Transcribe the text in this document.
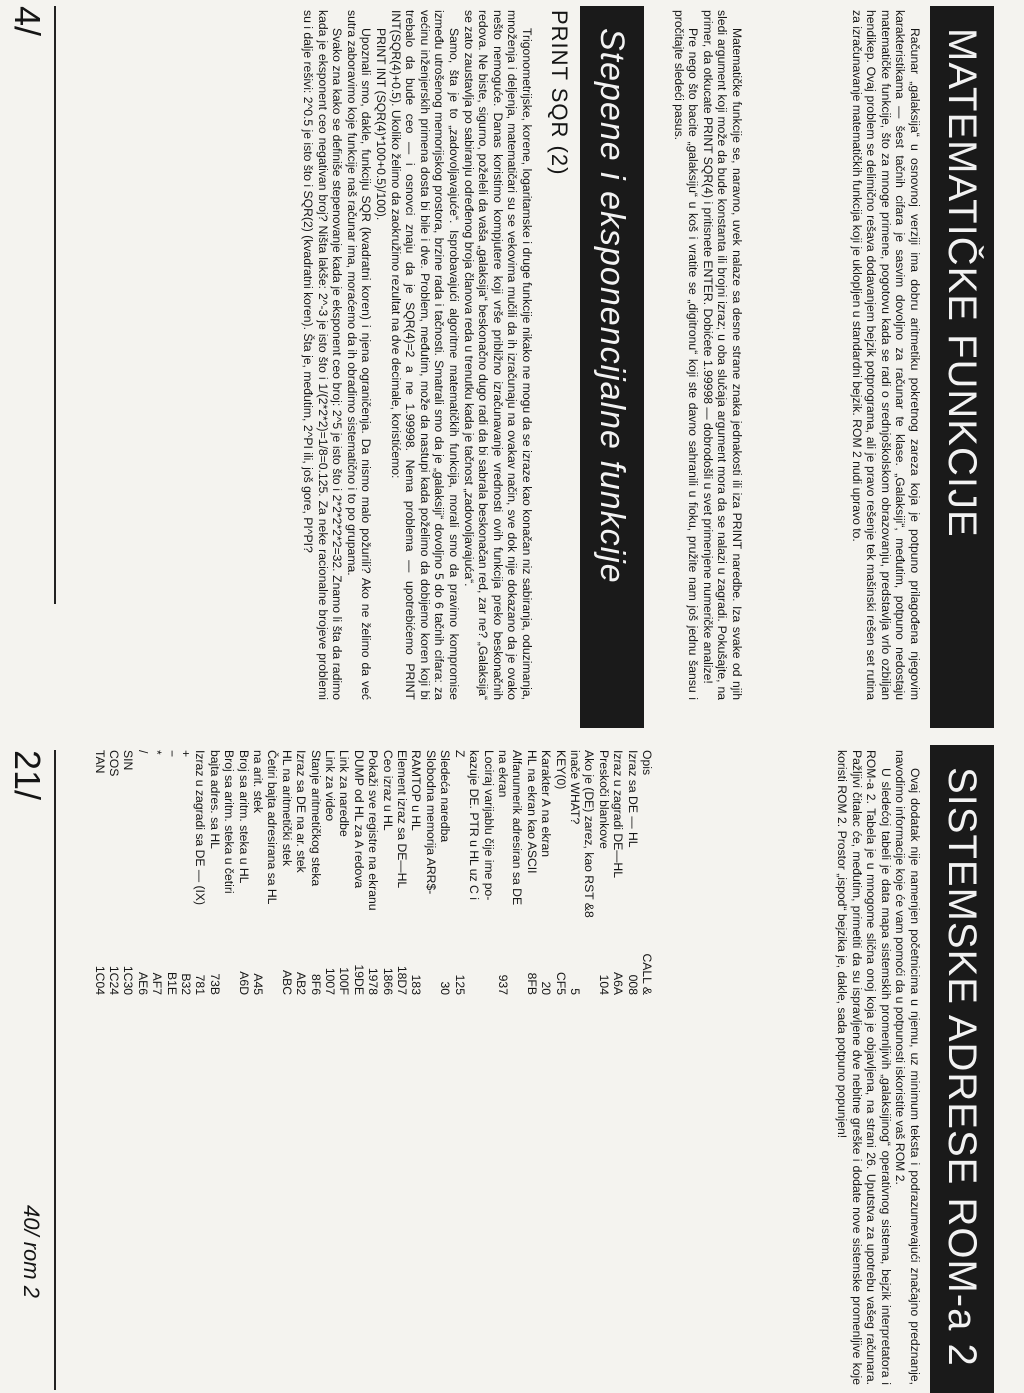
MATEMATIČKE FUNKCIJE

Računar „galaksija“ u osnovnoj verziji ima dobru aritmetiku pokretnog zareza koja je potpuno prilagođena njegovim karakteristikama — šest tačnih cifara je sasvim dovoljno za računar te klase. „Galaksiji“, međutim, potpuno nedostaju matematičke funkcije, što za mnoge primene, pogotovu kada se radi o srednjoškolskom obrazovanju, predstavlja vrlo ozbiljan hendikep. Ovaj problem se delimično rešava dodavanjem bejzik potprograma, ali je pravo rešenje tek mašinski rešen set rutina za izračunavanje matematičkih funkcija koji je uklopljen u standardni bejzik. ROM 2 nudi upravo to.

Matematičke funkcije se, naravno, uvek nalaze sa desne strane znaka jednakosti ili iza PRINT naredbe. Iza svake od njih sledi argument koji može da bude konstanta ili brojni izraz; u oba slučaja argument mora da se nalazi u zagradi. Pokušajte, na primer, da otkucate PRINT SQR(4) i pritisnete ENTER. Dobićete 1.99998 — dobrodošli u svet primenjene numeričke analize!

Pre nego što bacite „galaksiju“ u koš i vratite se „digitronu“ koji ste davno sahranili u fioku, pružite nam još jednu šansu i pročitajte sledeći pasus.

Stepene i eksponencijalne funkcije
PRINT SQR (2)

Trigonometrijske, korene, logaritamske i druge funkcije nikako ne mogu da se izraze kao konačan niz sabiranja, oduzimanja, množenja i deljenja, matematičari su se vekovima mučili da ih izračunaju na ovakav način, sve dok nije dokazano da je ovako nešto nemoguće. Danas koristimo kompjutere koji vrše približno izračunavanje vrednosti ovih funkcija preko beskonačnih redova. Ne biste, sigurno, poželeli da vaša „galaksija“ beskonačno dugo radi da bi sabrala beskonačan red, zar ne? „Galaksija“ se zato zaustavlja po sabiranju određenog broja članova reda u trenutku kada je tačnost „zadovoljavajuća“.

Samo, šta je to „zadovoljavajuće“. Isprobavajući algoritme matematičkih funkcija, morali smo da pravimo kompromise između utrošenog memorijskog prostora, brzine rada i tačnosti. Smatrali smo da je „galaksiji“ dovoljno 5 do 6 tačnih cifara: za većinu inženjerskih primena dosta bi bile i dve. Problem, međutim, može da nastupi kada poželimo da dobijemo koren koji bi trebalo da bude ceo — i osnovci znaju da je SQR(4)=2 a ne 1.99998. Nema problema — upotrebićemo PRINT INT(SQR(4)+0.5). Ukoliko želimo da zaokružimo rezultat na dve decimale, koristićemo:

PRINT INT (SQR(4)*100+0.5)/100).

Upoznali smo, dakle, funkciju SQR (kvadratni koren) i njena ograničenja. Da nismo malo požurili? Ako ne želimo da već sutra zaboravimo koje funkcije naš računar ima, moraćemo da ih obradimo sistematično i to po grupama.

Svako zna kako se definiše stepenovanje kada je eksponent ceo broj: 2^5 je isto što i 2*2*2*2*2=32. Znamo li šta da radimo kada je eksponent ceo negativan broj? Ništa lakše: 2^-3 je isto što i 1/(2*2*2)=1/8=0.125. Za neke racionalne brojeve problemi su i dalje rešivi: 2^0.5 je isto što i SQR(2) (kvadratni koren). Šta je, međutim, 2^PI ili, još gore, PI^PI?

4/
SISTEMSKE ADRESE ROM-a 2

Ovaj dodatak nije namenjen početnicima u njemu, uz minimum teksta i podrazumevajući značajno predznanje, navodimo informacije koje će vam pomoći da u potpunosti iskoristite vaš ROM 2.

U sledećoj tabeli je data mapa sistemskih promenljivih „galaksijinog“ operativnog sistema, bejzik interpretatora i ROM-a 2. Tabela je u mnogome slična onoj koja je objavljena, na strani 26. Uputstva za upotrebu vašeg računara. Pažljivi čitalac će, međutim, primetiti da su ispravljene dve nebitne greške i dodate nove sistemske promenljive koje koristi ROM 2. Prostor „ispod“ bejzika je, dakle, sada potpuno popunjen!

Opis
CALL &
Izraz sa DE — HL
008
Izraz u zagradi DE—HL
A6A
Preskoči blankove
104
Ako je (DE) zarez, kao RST &8
inače WHAT?
5
KEY(0)
CF5
Karakter A na ekran
20
HL na ekran kao ASCII
8FB
Alfanumerik adresiran sa DE
na ekran
937
Lociraj varijablu čije ime po-
kazuje DE. PTR u HL uz C i
Z
125
Sledeća naredba
30
Slobodna memorija ARR$-
RAMTOP u HL
183
Element izraz sa DE—HL
18D7
Ceo izraz u HL
1866
Pokaži sve registre na ekranu
1978
DUMP od HL za A redova
19DE
Link za naredbe
100F
Link za video
1007
Stanje aritmetičkog steka
8F6
Izraz sa DE na ar. stek
AB2
HL na aritmetički stek
ABC
Četiri bajta adresirana sa HL
na arit. stek
A45
Broj sa aritm. steka u HL
A6D
Broj sa aritm. steka u četiri
bajta adres. sa HL
73B
Izraz u zagradi sa DE — (IX)
781
+
B32
−
B1E
*
AF7
/
AE6
SIN
1C30
COS
1C24
TAN
1C04
21/
40/ rom 2
